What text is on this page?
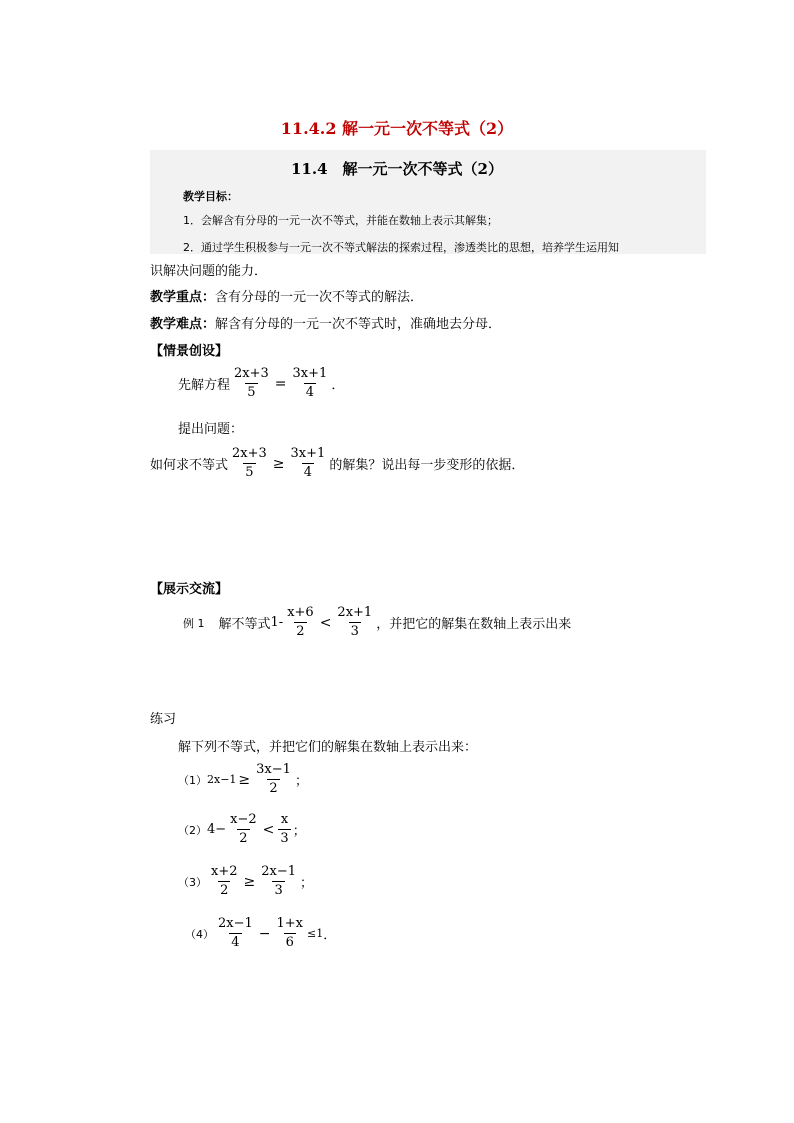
11.4.2 解一元一次不等式（2）
11.4　解一元一次不等式（2）
教学目标：
1．会解含有分母的一元一次不等式，并能在数轴上表示其解集；
2．通过学生积极参与一元一次不等式解法的探索过程，渗透类比的思想，培养学生运用知
识解决问题的能力．
教学重点：含有分母的一元一次不等式的解法．
教学难点：解含有分母的一元一次不等式时，准确地去分母．
【情景创设】
先解方程 $\frac{2x+3}{5} = \frac{3x+1}{4}$ ．
提出问题：
如何求不等式 $\frac{2x+3}{5} \ge \frac{3x+1}{4}$ 的解集？说出每一步变形的依据．
【展示交流】
例 1 解不等式 $1- \frac{x+6}{2} < \frac{2x+1}{3}$ ，并把它的解集在数轴上表示出来
练习
解下列不等式，并把它们的解集在数轴上表示出来：
（1） $2x-1 \ge \frac{3x-1}{2}$ ；
（2） $4- \frac{x-2}{2} < \frac{x}{3}$ ；
$(3) \frac{x+2}{2} \ge \frac{2x-1}{3}$ ；
$(4) \frac{2x-1}{4} - \frac{1+x}{6} \le 1$ ．
